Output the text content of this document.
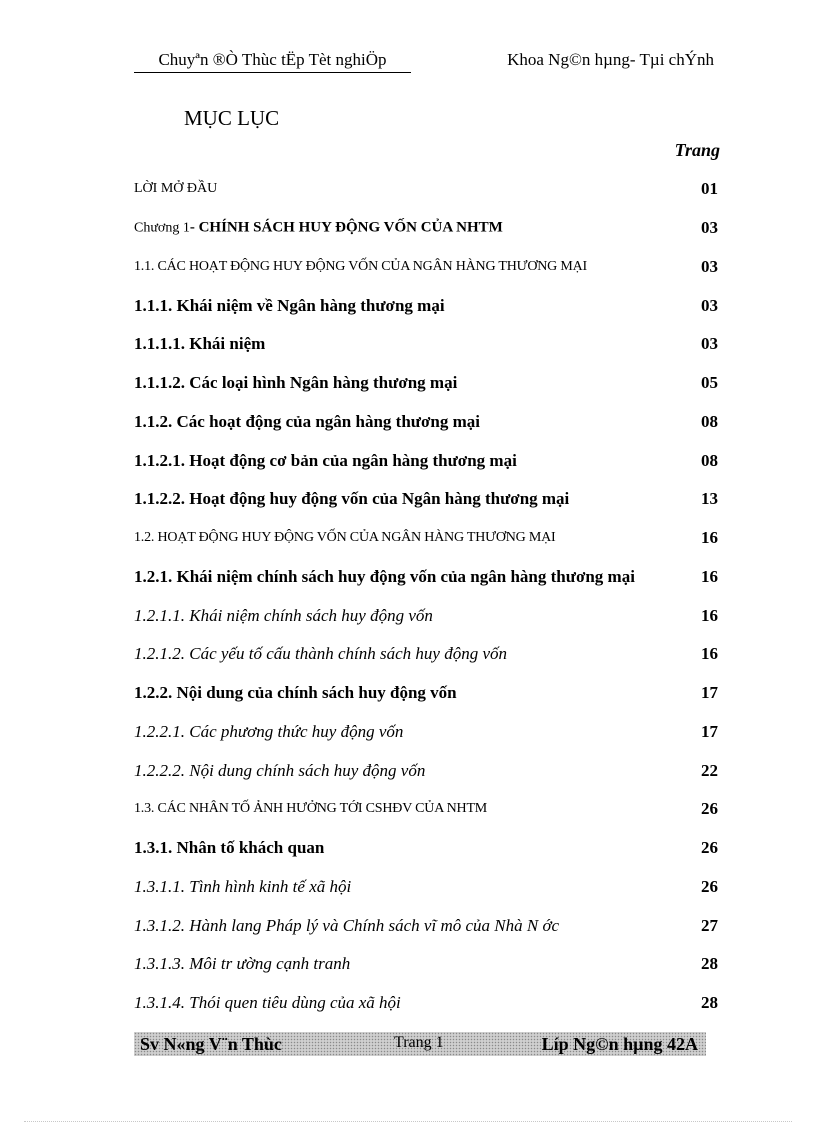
Chuyªn ®Ò Thùc tËp Tèt nghiÖp	Khoa Ng©n hµng- Tµi chÝnh
MỤC LỤC
Trang
LỜI MỞ ĐẦU	01
Chương 1- CHÍNH SÁCH HUY ĐỘNG VỐN CỦA NHTM	03
1.1. CÁC HOẠT ĐỘNG HUY ĐỘNG VỐN CỦA NGÂN HÀNG THƯƠNG MẠI	03
1.1.1. Khái niệm về Ngân hàng thương mại	03
1.1.1.1. Khái niệm	03
1.1.1.2. Các loại hình Ngân hàng thương mại	05
1.1.2. Các hoạt động của ngân hàng thương mại	08
1.1.2.1. Hoạt động cơ bản của ngân hàng thương mại	08
1.1.2.2. Hoạt động huy động vốn của Ngân hàng thương mại	13
1.2. HOẠT ĐỘNG HUY ĐỘNG VỐN CỦA NGÂN HÀNG THƯƠNG MẠI	16
1.2.1. Khái niệm chính sách huy động vốn của ngân hàng thương mại	16
1.2.1.1. Khái niệm chính sách huy động vốn	16
1.2.1.2. Các yếu tố cấu thành chính sách huy động vốn	16
1.2.2. Nội dung của chính sách huy động vốn	17
1.2.2.1. Các phương thức huy động vốn	17
1.2.2.2. Nội dung chính sách huy động vốn	22
1.3. CÁC NHÂN TỐ ẢNH HƯỞNG TỚI CSHĐV CỦA NHTM	26
1.3.1. Nhân tố khách quan	26
1.3.1.1. Tình hình kinh tế xã hội	26
1.3.1.2. Hành lang Pháp lý và Chính sách vĩ mô của Nhà N ớc	27
1.3.1.3. Môi tr ường cạnh tranh	28
1.3.1.4. Thói quen tiêu dùng của xã hội	28
Sv N«ng V¨n Thùc	Trang 1	Líp Ng©n hµng 42A
